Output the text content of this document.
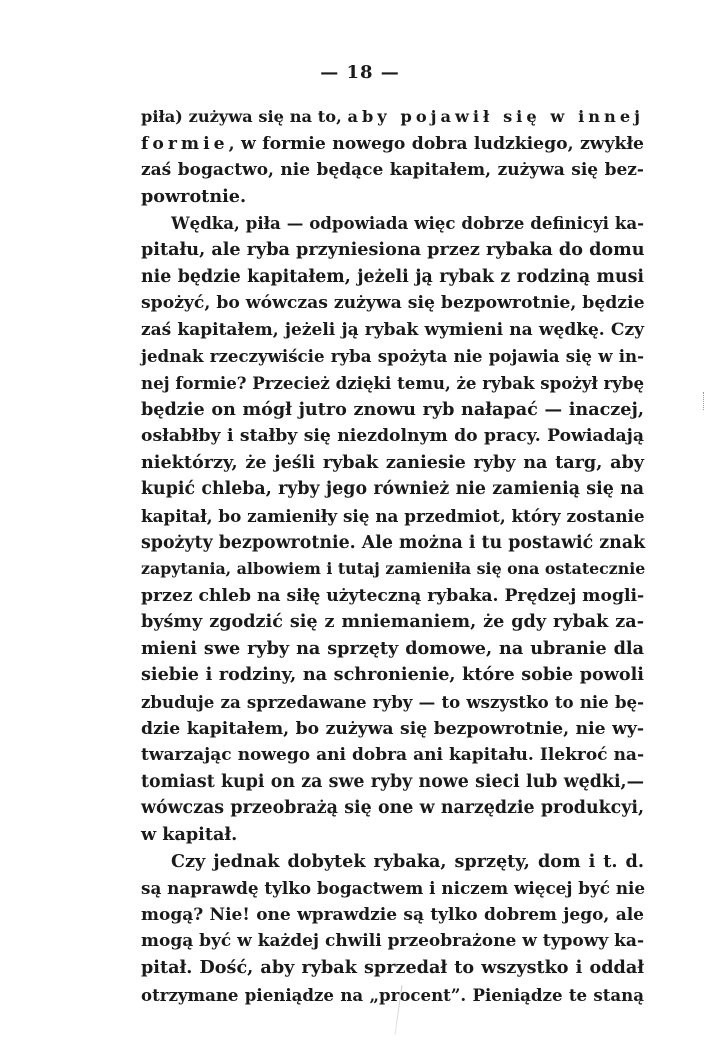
— 18 —
piła) zużywa się na to, aby pojawił się w innej
formie, w formie nowego dobra ludzkiego, zwykłe
zaś bogactwo, nie będące kapitałem, zużywa się bez-
powrotnie.
Wędka, piła — odpowiada więc dobrze definicyi ka-
pitału, ale ryba przyniesiona przez rybaka do domu
nie będzie kapitałem, jeżeli ją rybak z rodziną musi
spożyć, bo wówczas zużywa się bezpowrotnie, będzie
zaś kapitałem, jeżeli ją rybak wymieni na wędkę. Czy
jednak rzeczywiście ryba spożyta nie pojawia się w in-
nej formie? Przecież dzięki temu, że rybak spożył rybę
będzie on mógł jutro znowu ryb nałapać — inaczej,
osłabłby i stałby się niezdolnym do pracy. Powiadają
niektórzy, że jeśli rybak zaniesie ryby na targ, aby
kupić chleba, ryby jego również nie zamienią się na
kapitał, bo zamieniły się na przedmiot, który zostanie
spożyty bezpowrotnie. Ale można i tu postawić znak
zapytania, albowiem i tutaj zamieniła się ona ostatecznie
przez chleb na siłę użyteczną rybaka. Prędzej mogli-
byśmy zgodzić się z mniemaniem, że gdy rybak za-
mieni swe ryby na sprzęty domowe, na ubranie dla
siebie i rodziny, na schronienie, które sobie powoli
zbuduje za sprzedawane ryby — to wszystko to nie bę-
dzie kapitałem, bo zużywa się bezpowrotnie, nie wy-
twarzając nowego ani dobra ani kapitału. Ilekroć na-
tomiast kupi on za swe ryby nowe sieci lub wędki,—
wówczas przeobrażą się one w narzędzie produkcyi,
w kapitał.
Czy jednak dobytek rybaka, sprzęty, dom i t. d.
są naprawdę tylko bogactwem i niczem więcej być nie
mogą? Nie! one wprawdzie są tylko dobrem jego, ale
mogą być w każdej chwili przeobrażone w typowy ka-
pitał. Dość, aby rybak sprzedał to wszystko i oddał
otrzymane pieniądze na „procent”. Pieniądze te staną
